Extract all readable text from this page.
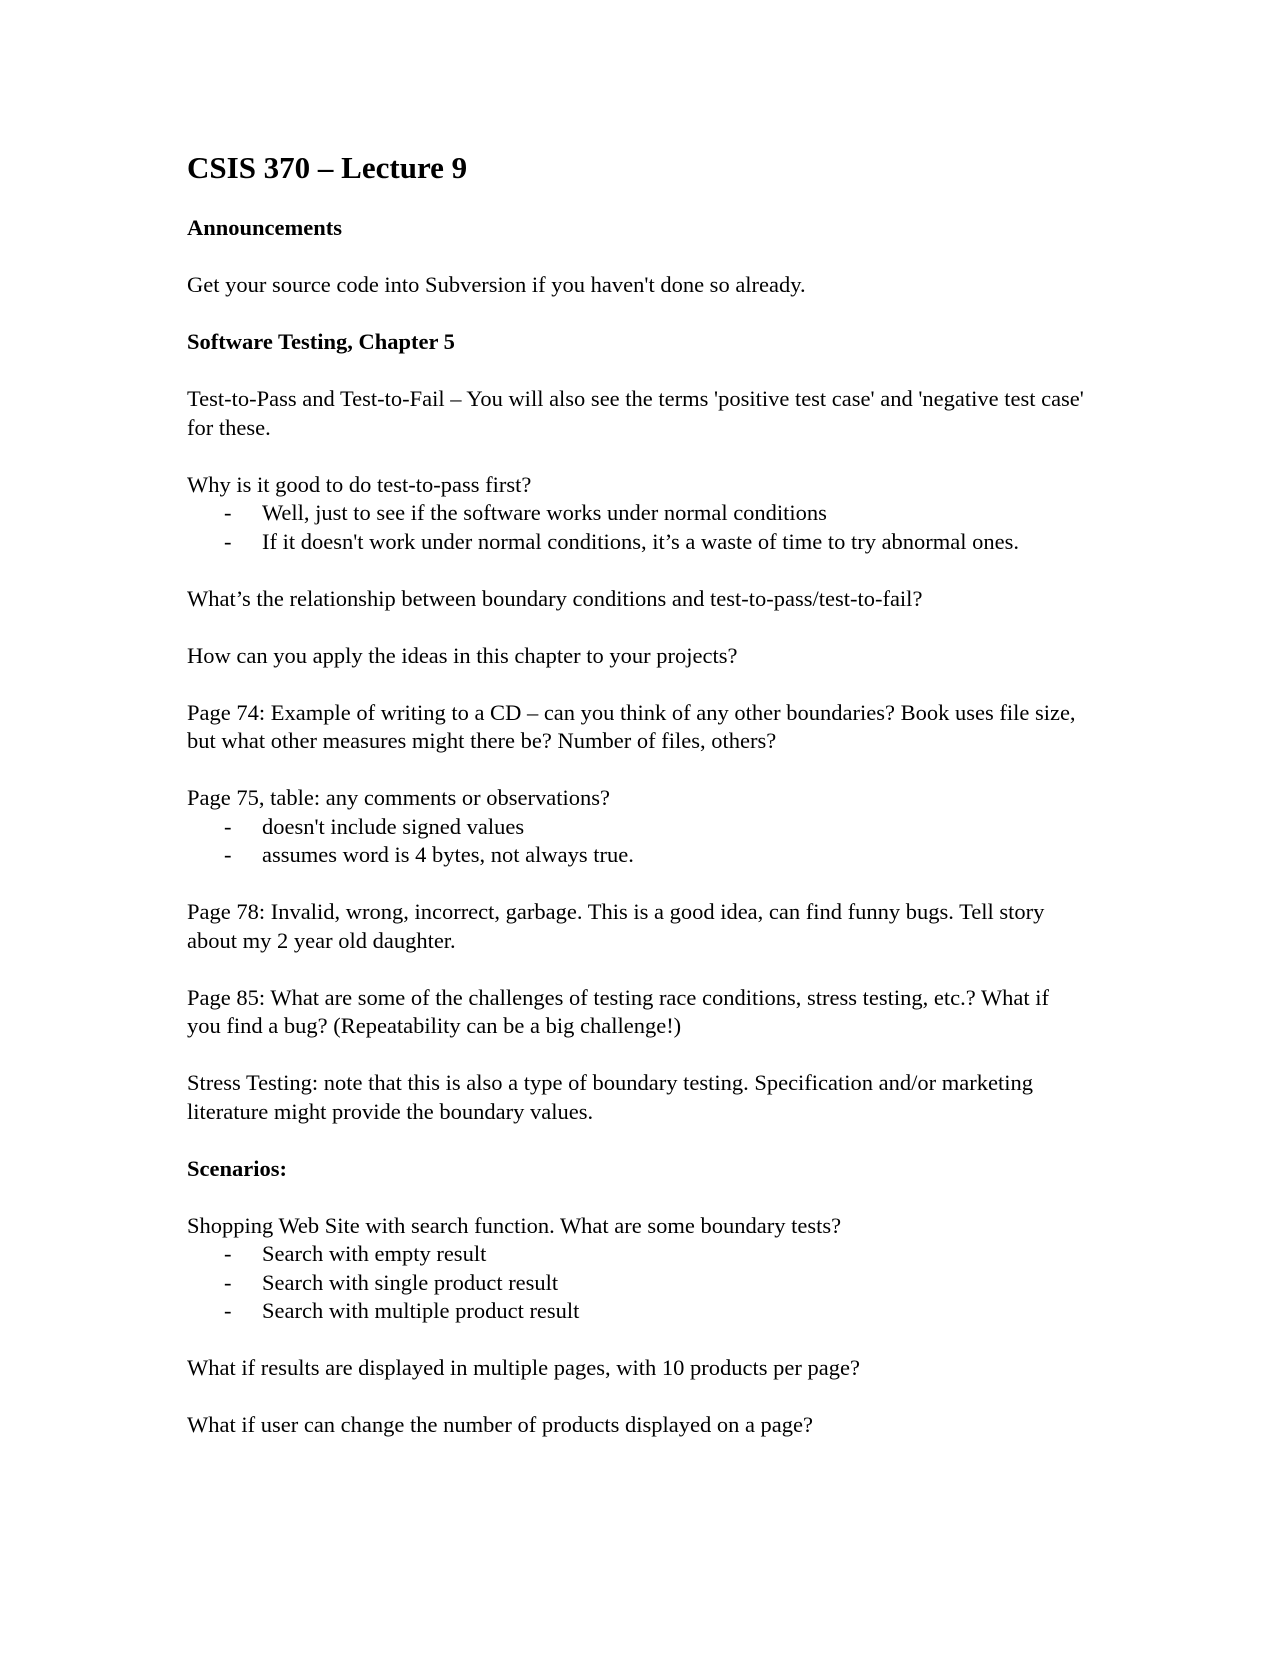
CSIS 370 – Lecture 9
Announcements
Get your source code into Subversion if you haven't done so already.
Software Testing, Chapter 5
Test-to-Pass and Test-to-Fail – You will also see the terms 'positive test case' and 'negative test case' for these.
Why is it good to do test-to-pass first?
- Well, just to see if the software works under normal conditions
- If it doesn't work under normal conditions, it’s a waste of time to try abnormal ones.
What’s the relationship between boundary conditions and test-to-pass/test-to-fail?
How can you apply the ideas in this chapter to your projects?
Page 74: Example of writing to a CD – can you think of any other boundaries? Book uses file size, but what other measures might there be? Number of files, others?
Page 75, table: any comments or observations?
- doesn't include signed values
- assumes word is 4 bytes, not always true.
Page 78: Invalid, wrong, incorrect, garbage. This is a good idea, can find funny bugs. Tell story about my 2 year old daughter.
Page 85: What are some of the challenges of testing race conditions, stress testing, etc.? What if you find a bug? (Repeatability can be a big challenge!)
Stress Testing: note that this is also a type of boundary testing. Specification and/or marketing literature might provide the boundary values.
Scenarios:
Shopping Web Site with search function. What are some boundary tests?
- Search with empty result
- Search with single product result
- Search with multiple product result
What if results are displayed in multiple pages, with 10 products per page?
What if user can change the number of products displayed on a page?
